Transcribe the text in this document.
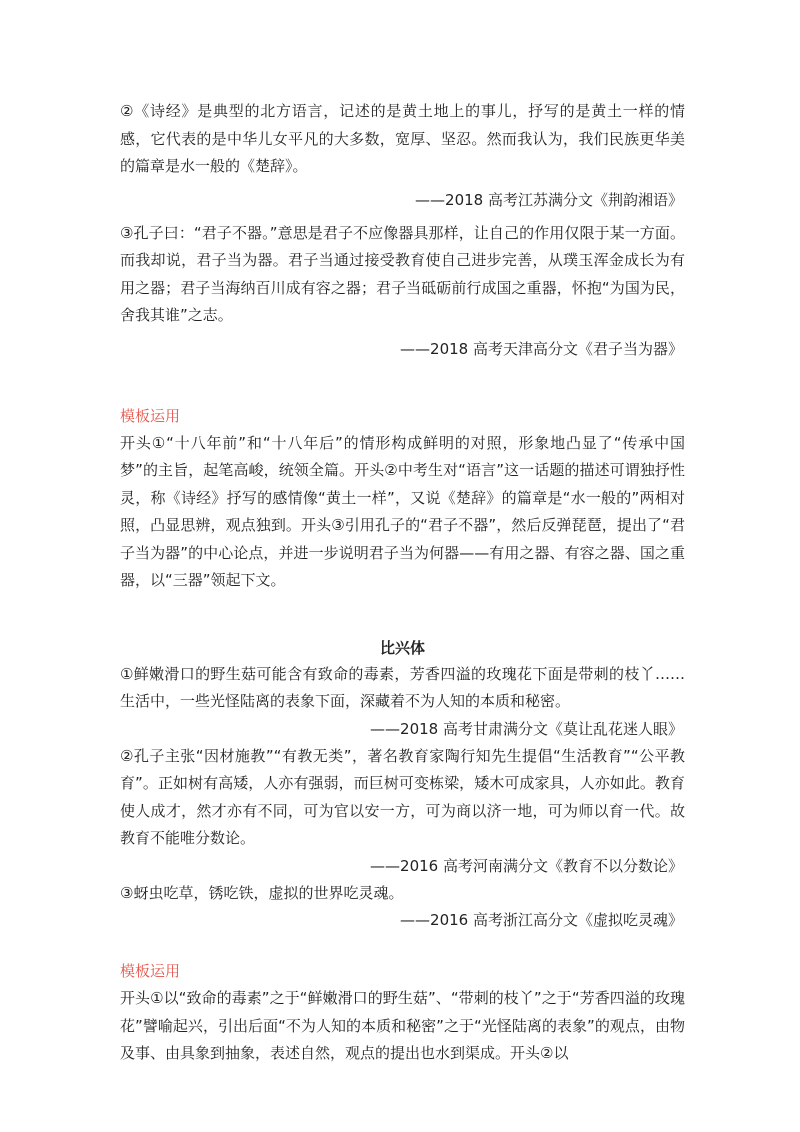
②《诗经》是典型的北方语言，记述的是黄土地上的事儿，抒写的是黄土一样的情感，它代表的是中华儿女平凡的大多数，宽厚、坚忍。然而我认为，我们民族更华美的篇章是水一般的《楚辞》。

——2018 高考江苏满分文《荆韵湘语》

③孔子曰：“君子不器。”意思是君子不应像器具那样，让自己的作用仅限于某一方面。而我却说，君子当为器。君子当通过接受教育使自己进步完善，从璞玉浑金成长为有用之器；君子当海纳百川成有容之器；君子当砥砺前行成国之重器，怀抱“为国为民，舍我其谁”之志。

——2018 高考天津高分文《君子当为器》

模板运用

开头①“十八年前”和“十八年后”的情形构成鲜明的对照，形象地凸显了“传承中国梦”的主旨，起笔高峻，统领全篇。开头②中考生对“语言”这一话题的描述可谓独抒性灵，称《诗经》抒写的感情像“黄土一样”，又说《楚辞》的篇章是“水一般的”两相对照，凸显思辨，观点独到。开头③引用孔子的“君子不器”，然后反弹琵琶，提出了“君子当为器”的中心论点，并进一步说明君子当为何器——有用之器、有容之器、国之重器，以“三器”领起下文。

比兴体

①鲜嫩滑口的野生菇可能含有致命的毒素，芳香四溢的玫瑰花下面是带刺的枝丫……生活中，一些光怪陆离的表象下面，深藏着不为人知的本质和秘密。

——2018 高考甘肃满分文《莫让乱花迷人眼》

②孔子主张“因材施教”“有教无类”，著名教育家陶行知先生提倡“生活教育”“公平教育”。正如树有高矮，人亦有强弱，而巨树可变栋梁，矮木可成家具，人亦如此。教育使人成才，然才亦有不同，可为官以安一方，可为商以济一地，可为师以育一代。故教育不能唯分数论。

——2016 高考河南满分文《教育不以分数论》

③蚜虫吃草，锈吃铁，虚拟的世界吃灵魂。

——2016 高考浙江高分文《虚拟吃灵魂》

模板运用

开头①以“致命的毒素”之于“鲜嫩滑口的野生菇”、“带刺的枝丫”之于“芳香四溢的玫瑰花”譬喻起兴，引出后面“不为人知的本质和秘密”之于“光怪陆离的表象”的观点，由物及事、由具象到抽象，表述自然，观点的提出也水到渠成。开头②以
